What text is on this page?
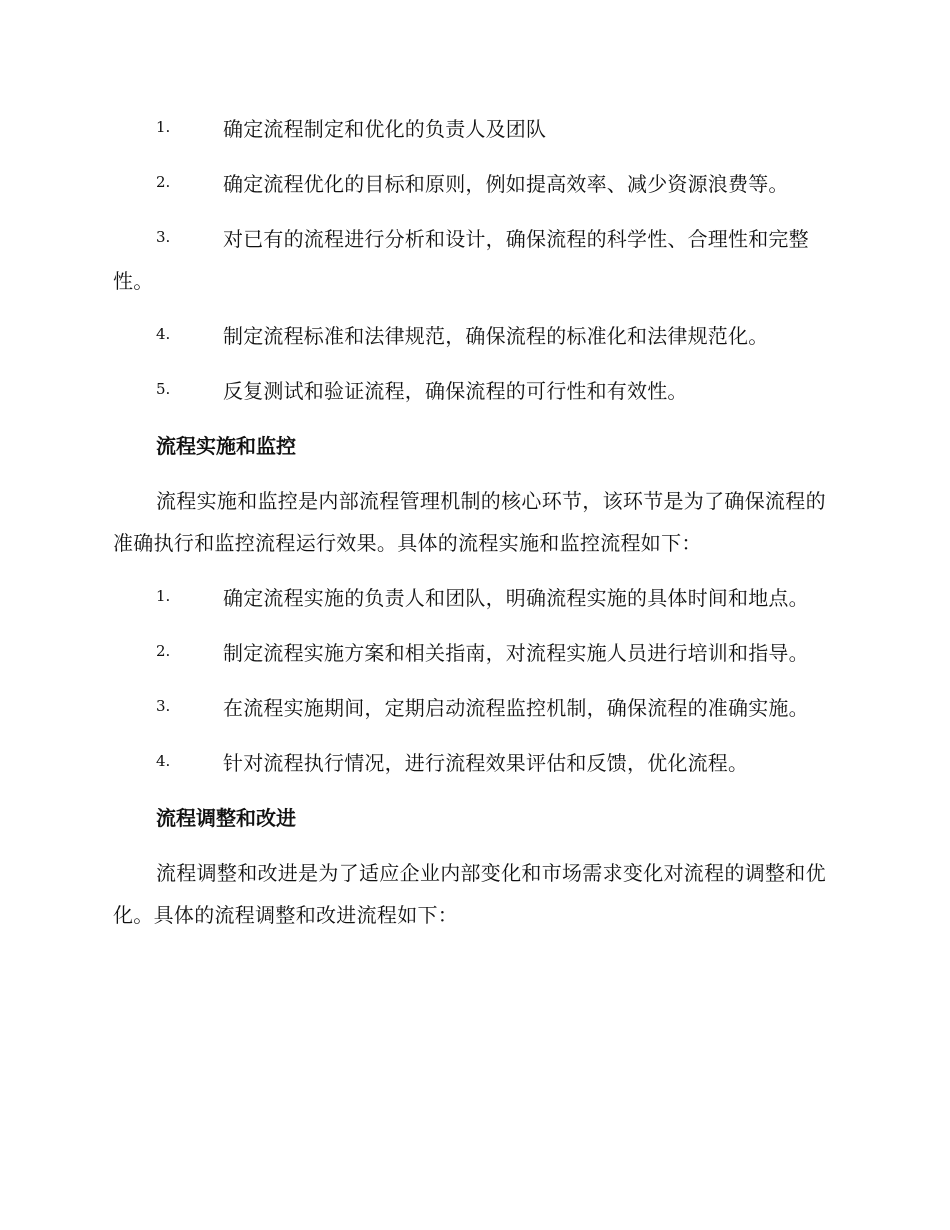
1.	确定流程制定和优化的负责人及团队
2.	确定流程优化的目标和原则，例如提高效率、减少资源浪费等。
3.	对已有的流程进行分析和设计，确保流程的科学性、合理性和完整性。
4.	制定流程标准和法律规范，确保流程的标准化和法律规范化。
5.	反复测试和验证流程，确保流程的可行性和有效性。
流程实施和监控

流程实施和监控是内部流程管理机制的核心环节，该环节是为了确保流程的准确执行和监控流程运行效果。具体的流程实施和监控流程如下：

1.	确定流程实施的负责人和团队，明确流程实施的具体时间和地点。
2.	制定流程实施方案和相关指南，对流程实施人员进行培训和指导。
3.	在流程实施期间，定期启动流程监控机制，确保流程的准确实施。
4.	针对流程执行情况，进行流程效果评估和反馈，优化流程。
流程调整和改进

流程调整和改进是为了适应企业内部变化和市场需求变化对流程的调整和优化。具体的流程调整和改进流程如下：
